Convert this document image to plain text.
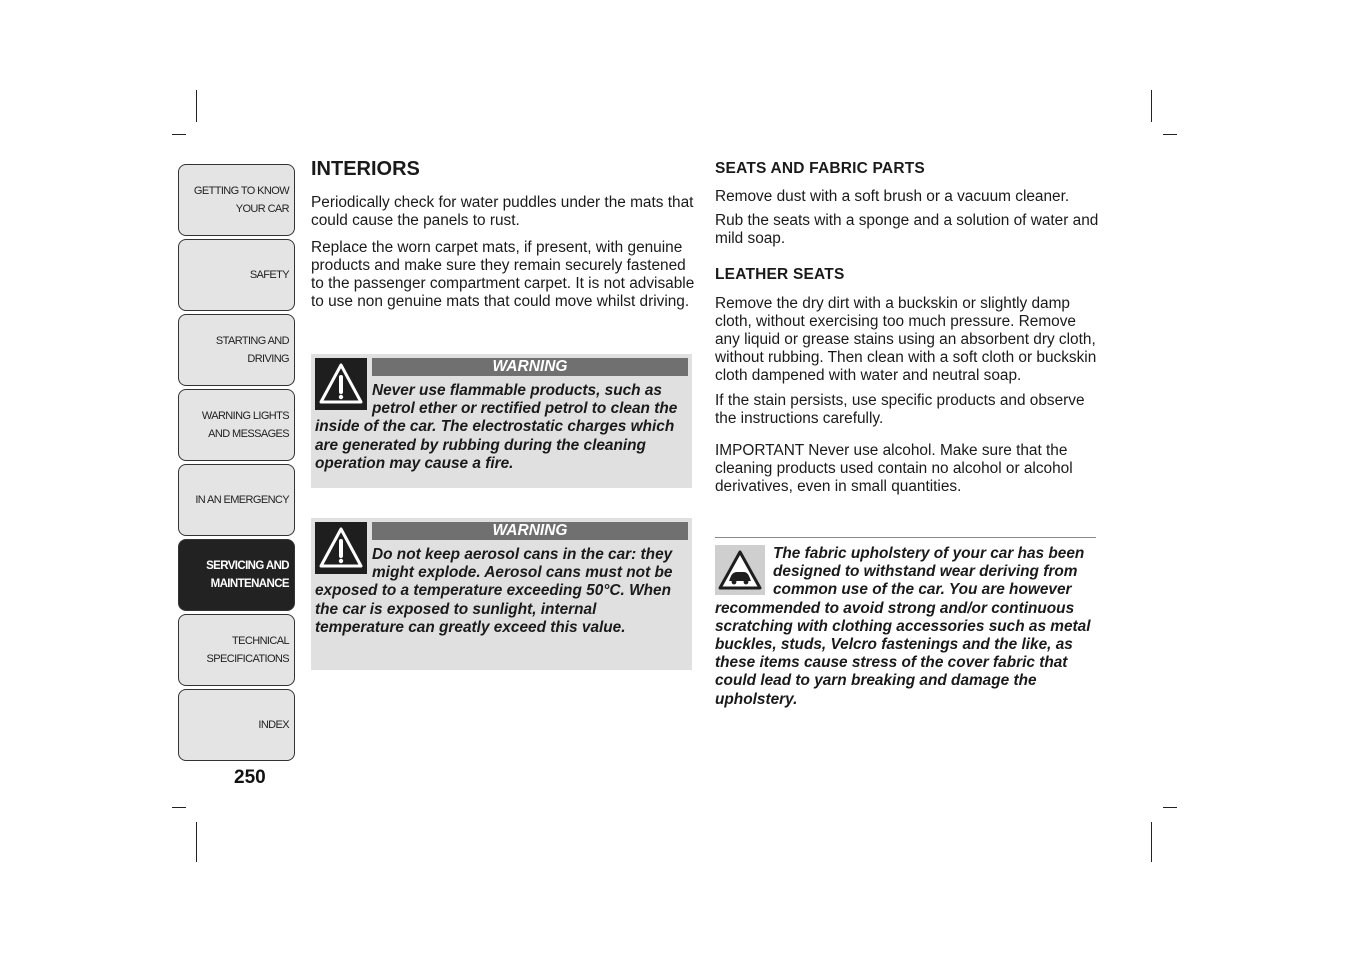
GETTING TO KNOW
YOUR CAR
SAFETY
STARTING AND
DRIVING
WARNING LIGHTS
AND MESSAGES
IN AN EMERGENCY
SERVICING AND
MAINTENANCE
TECHNICAL
SPECIFICATIONS
INDEX
250
INTERIORS

Periodically check for water puddles under the mats that could cause the panels to rust.

Replace the worn carpet mats, if present, with genuine products and make sure they remain securely fastened to the passenger compartment carpet. It is not advisable to use non genuine mats that could move whilst driving.

WARNING
Never use flammable products, such as petrol ether or rectified petrol to clean the inside of the car. The electrostatic charges which are generated by rubbing during the cleaning operation may cause a fire.
WARNING
Do not keep aerosol cans in the car: they might explode. Aerosol cans must not be exposed to a temperature exceeding 50°C. When the car is exposed to sunlight, internal temperature can greatly exceed this value.
SEATS AND FABRIC PARTS

Remove dust with a soft brush or a vacuum cleaner.

Rub the seats with a sponge and a solution of water and mild soap.

LEATHER SEATS

Remove the dry dirt with a buckskin or slightly damp cloth, without exercising too much pressure. Remove any liquid or grease stains using an absorbent dry cloth, without rubbing. Then clean with a soft cloth or buckskin cloth dampened with water and neutral soap.

If the stain persists, use specific products and observe the instructions carefully.

IMPORTANT Never use alcohol. Make sure that the cleaning products used contain no alcohol or alcohol derivatives, even in small quantities.

The fabric upholstery of your car has been designed to withstand wear deriving from common use of the car. You are however recommended to avoid strong and/or continuous scratching with clothing accessories such as metal buckles, studs, Velcro fastenings and the like, as these items cause stress of the cover fabric that could lead to yarn breaking and damage the upholstery.
